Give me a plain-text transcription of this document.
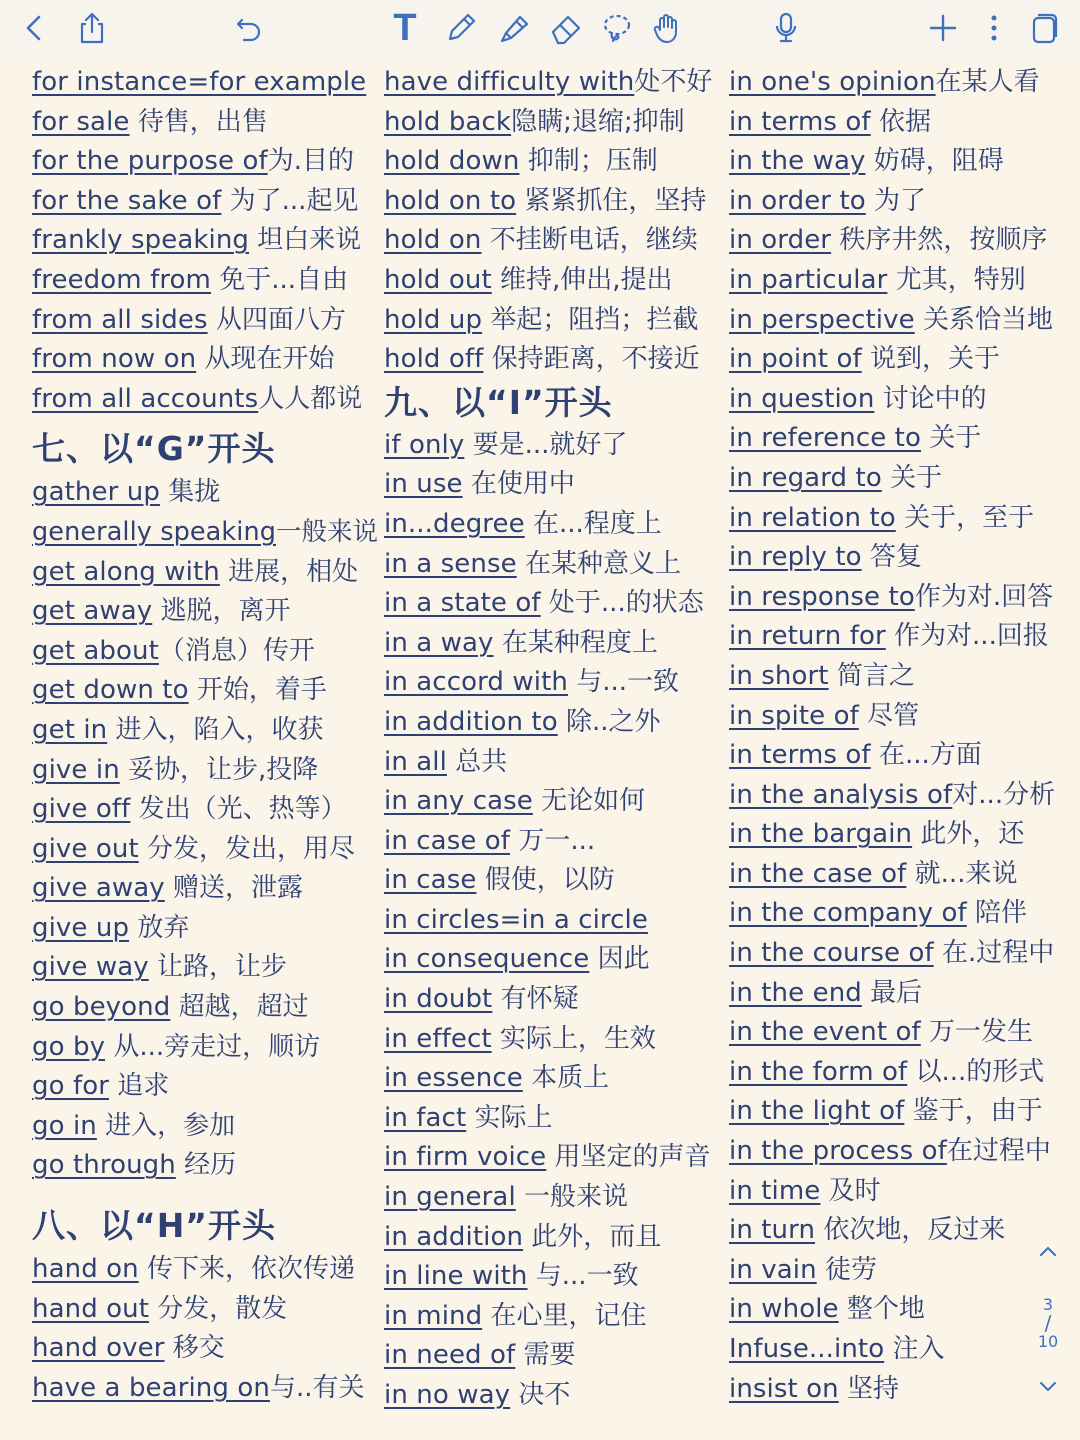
T
for instance=for example
for sale 待售，出售
for the purpose of为.目的
for the sake of 为了...起见
frankly speaking 坦白来说
freedom from 免于...自由
from all sides 从四面八方
from now on 从现在开始
from all accounts人人都说
七、以“G”开头
gather up 集拢
generally speaking一般来说
get along with 进展，相处
get away 逃脱，离开
get about（消息）传开
get down to 开始，着手
get in 进入，陷入，收获
give in 妥协，让步,投降
give off 发出（光、热等）
give out 分发，发出，用尽
give away 赠送，泄露
give up 放弃
give way 让路，让步
go beyond 超越，超过
go by 从...旁走过，顺访
go for 追求
go in 进入，参加
go through 经历
八、以“H”开头
hand on 传下来，依次传递
hand out 分发，散发
hand over 移交
have a bearing on与..有关
have difficulty with处不好
hold back隐瞒;退缩;抑制
hold down 抑制；压制
hold on to 紧紧抓住，坚持
hold on 不挂断电话，继续
hold out 维持,伸出,提出
hold up 举起；阻挡；拦截
hold off 保持距离，不接近
九、以“I”开头
if only 要是...就好了
in use 在使用中
in...degree 在...程度上
in a sense 在某种意义上
in a state of 处于...的状态
in a way 在某种程度上
in accord with 与...一致
in addition to 除..之外
in all 总共
in any case 无论如何
in case of 万一...
in case 假使，以防
in circles=in a circle
in consequence 因此
in doubt 有怀疑
in effect 实际上，生效
in essence 本质上
in fact 实际上
in firm voice 用坚定的声音
in general 一般来说
in addition 此外，而且
in line with 与...一致
in mind 在心里，记住
in need of 需要
in no way 决不
in one's opinion在某人看
in terms of 依据
in the way 妨碍，阻碍
in order to 为了
in order 秩序井然，按顺序
in particular 尤其，特别
in perspective 关系恰当地
in point of 说到，关于
in question 讨论中的
in reference to 关于
in regard to 关于
in relation to 关于，至于
in reply to 答复
in response to作为对.回答
in return for 作为对...回报
in short 简言之
in spite of 尽管
in terms of 在...方面
in the analysis of对...分析
in the bargain 此外，还
in the case of 就...来说
in the company of 陪伴
in the course of 在.过程中
in the end 最后
in the event of 万一发生
in the form of 以...的形式
in the light of 鉴于，由于
in the process of在过程中
in time 及时
in turn 依次地，反过来
in vain 徒劳
in whole 整个地
Infuse...into 注入
insist on 坚持
3
/
10
